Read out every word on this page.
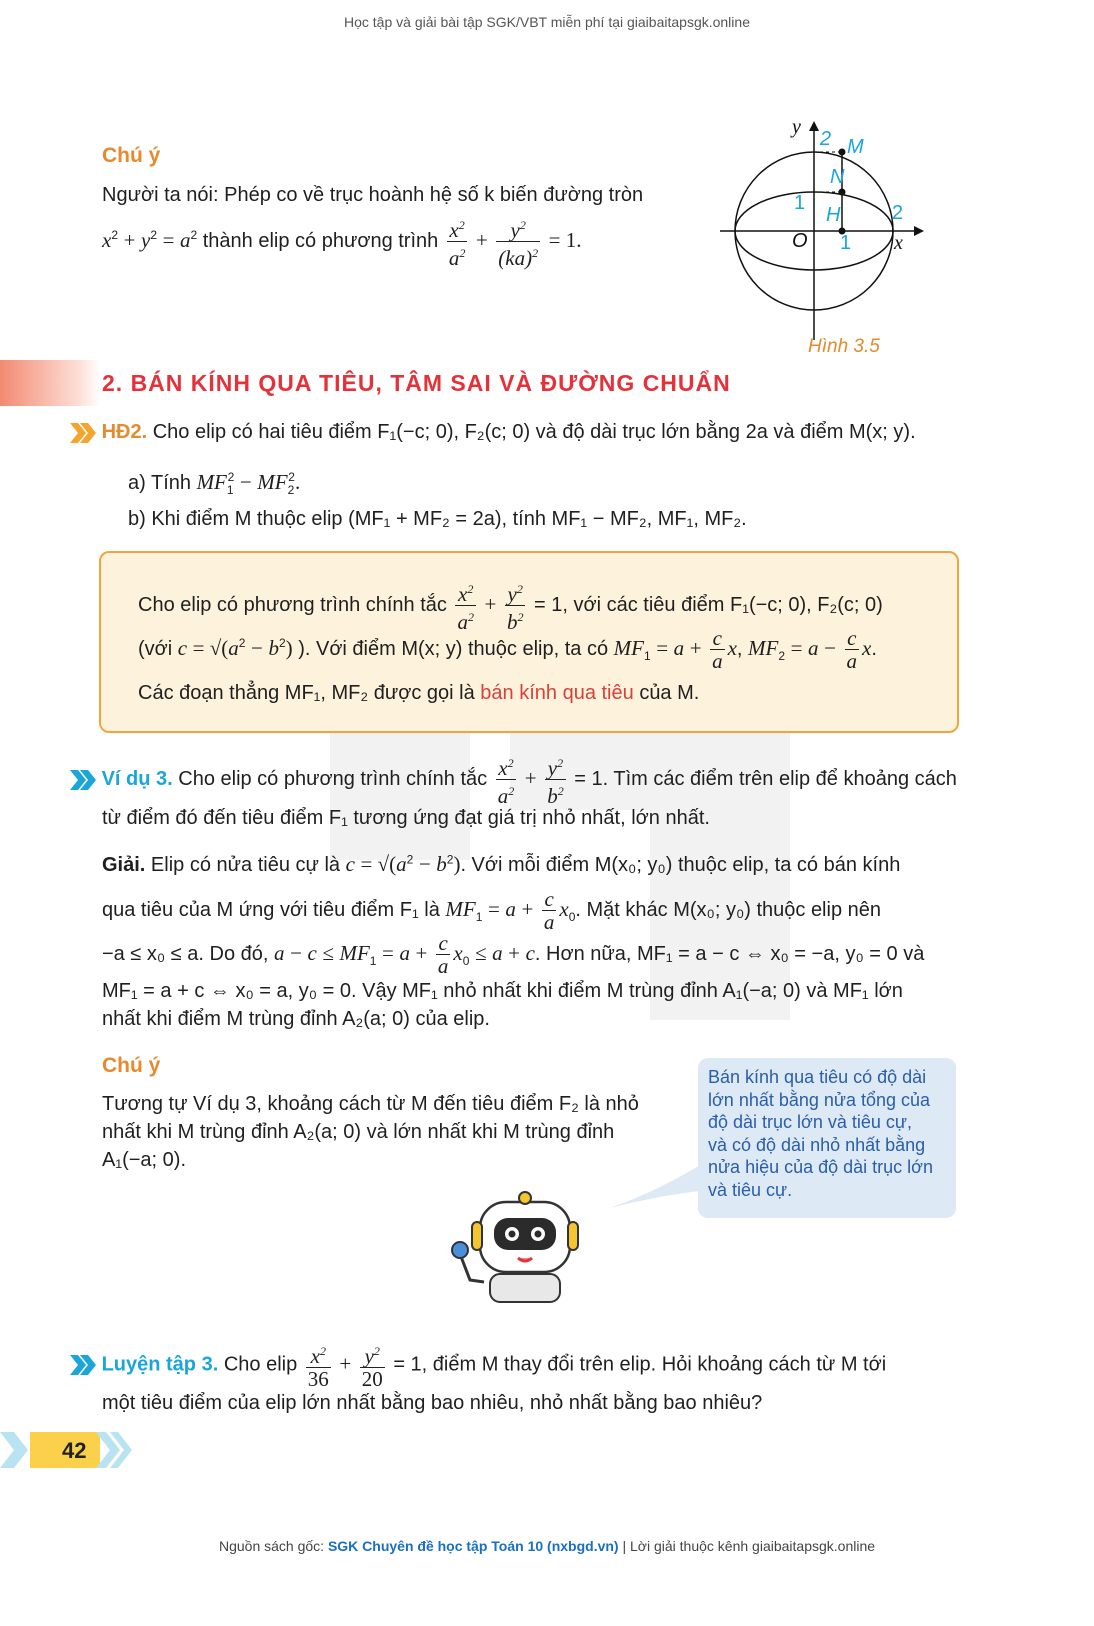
Học tập và giải bài tập SGK/VBT miễn phí tại giaibaitapsgk.online
Chú ý
Người ta nói: Phép co về trục hoành hệ số k biến đường tròn
$x^2 + y^2 = a^2$ thành elip có phương trình $\frac{x^2}{a^2} + \frac{y^2}{(ka)^2} = 1$.
y
2 M
N
1
H	2
O 1 x
Hình 3.5
2. BÁN KÍNH QUA TIÊU, TÂM SAI VÀ ĐƯỜNG CHUẨN
HĐ2. Cho elip có hai tiêu điểm F₁(−c; 0), F₂(c; 0) và độ dài trục lớn bằng 2a và điểm M(x; y).
a) Tính $MF_1^2 - MF_2^2$.
b) Khi điểm M thuộc elip (MF₁ + MF₂ = 2a), tính MF₁ − MF₂, MF₁, MF₂.
Cho elip có phương trình chính tắc $\frac{x^2}{a^2} + \frac{y^2}{b^2} = 1$, với các tiêu điểm F₁(−c; 0), F₂(c; 0)
(với $c = √(a^2 - b^2)$ ). Với điểm M(x; y) thuộc elip, ta có $MF_1 = a + \frac{c}{a} x$, $MF_2 = a - \frac{c}{a} x$.
Các đoạn thẳng MF₁, MF₂ được gọi là bán kính qua tiêu của M.
Ví dụ 3. Cho elip có phương trình chính tắc $\frac{x^2}{a^2} + \frac{y^2}{b^2} = 1$. Tìm các điểm trên elip để khoảng cách
từ điểm đó đến tiêu điểm F₁ tương ứng đạt giá trị nhỏ nhất, lớn nhất.
Giải. Elip có nửa tiêu cự là $c = √(a^2 - b^2)$. Với mỗi điểm M(x₀; y₀) thuộc elip, ta có bán kính
qua tiêu của M ứng với tiêu điểm F₁ là $MF_1 = a + \frac{c}{a} x_0$. Mặt khác M(x₀; y₀) thuộc elip nên
−a ≤ x₀ ≤ a. Do đó, $a - c \le MF_1 = a + \frac{c}{a} x_0 \le a + c$. Hơn nữa, MF₁ = a − c ⇔ x₀ = −a, y₀ = 0 và
MF₁ = a + c ⇔ x₀ = a, y₀ = 0. Vậy MF₁ nhỏ nhất khi điểm M trùng đỉnh A₁(−a; 0) và MF₁ lớn
nhất khi điểm M trùng đỉnh A₂(a; 0) của elip.
Chú ý
Tương tự Ví dụ 3, khoảng cách từ M đến tiêu điểm F₂ là nhỏ
nhất khi M trùng đỉnh A₂(a; 0) và lớn nhất khi M trùng đỉnh
A₁(−a; 0).
Bán kính qua tiêu có độ dài
lớn nhất bằng nửa tổng của
độ dài trục lớn và tiêu cự,
và có độ dài nhỏ nhất bằng
nửa hiệu của độ dài trục lớn
và tiêu cự.
Luyện tập 3. Cho elip $\frac{x^2}{36} + \frac{y^2}{20} = 1$, điểm M thay đổi trên elip. Hỏi khoảng cách từ M tới
một tiêu điểm của elip lớn nhất bằng bao nhiêu, nhỏ nhất bằng bao nhiêu?
42
Nguồn sách gốc: SGK Chuyên đề học tập Toán 10 (nxbgd.vn) | Lời giải thuộc kênh giaibaitapsgk.online
